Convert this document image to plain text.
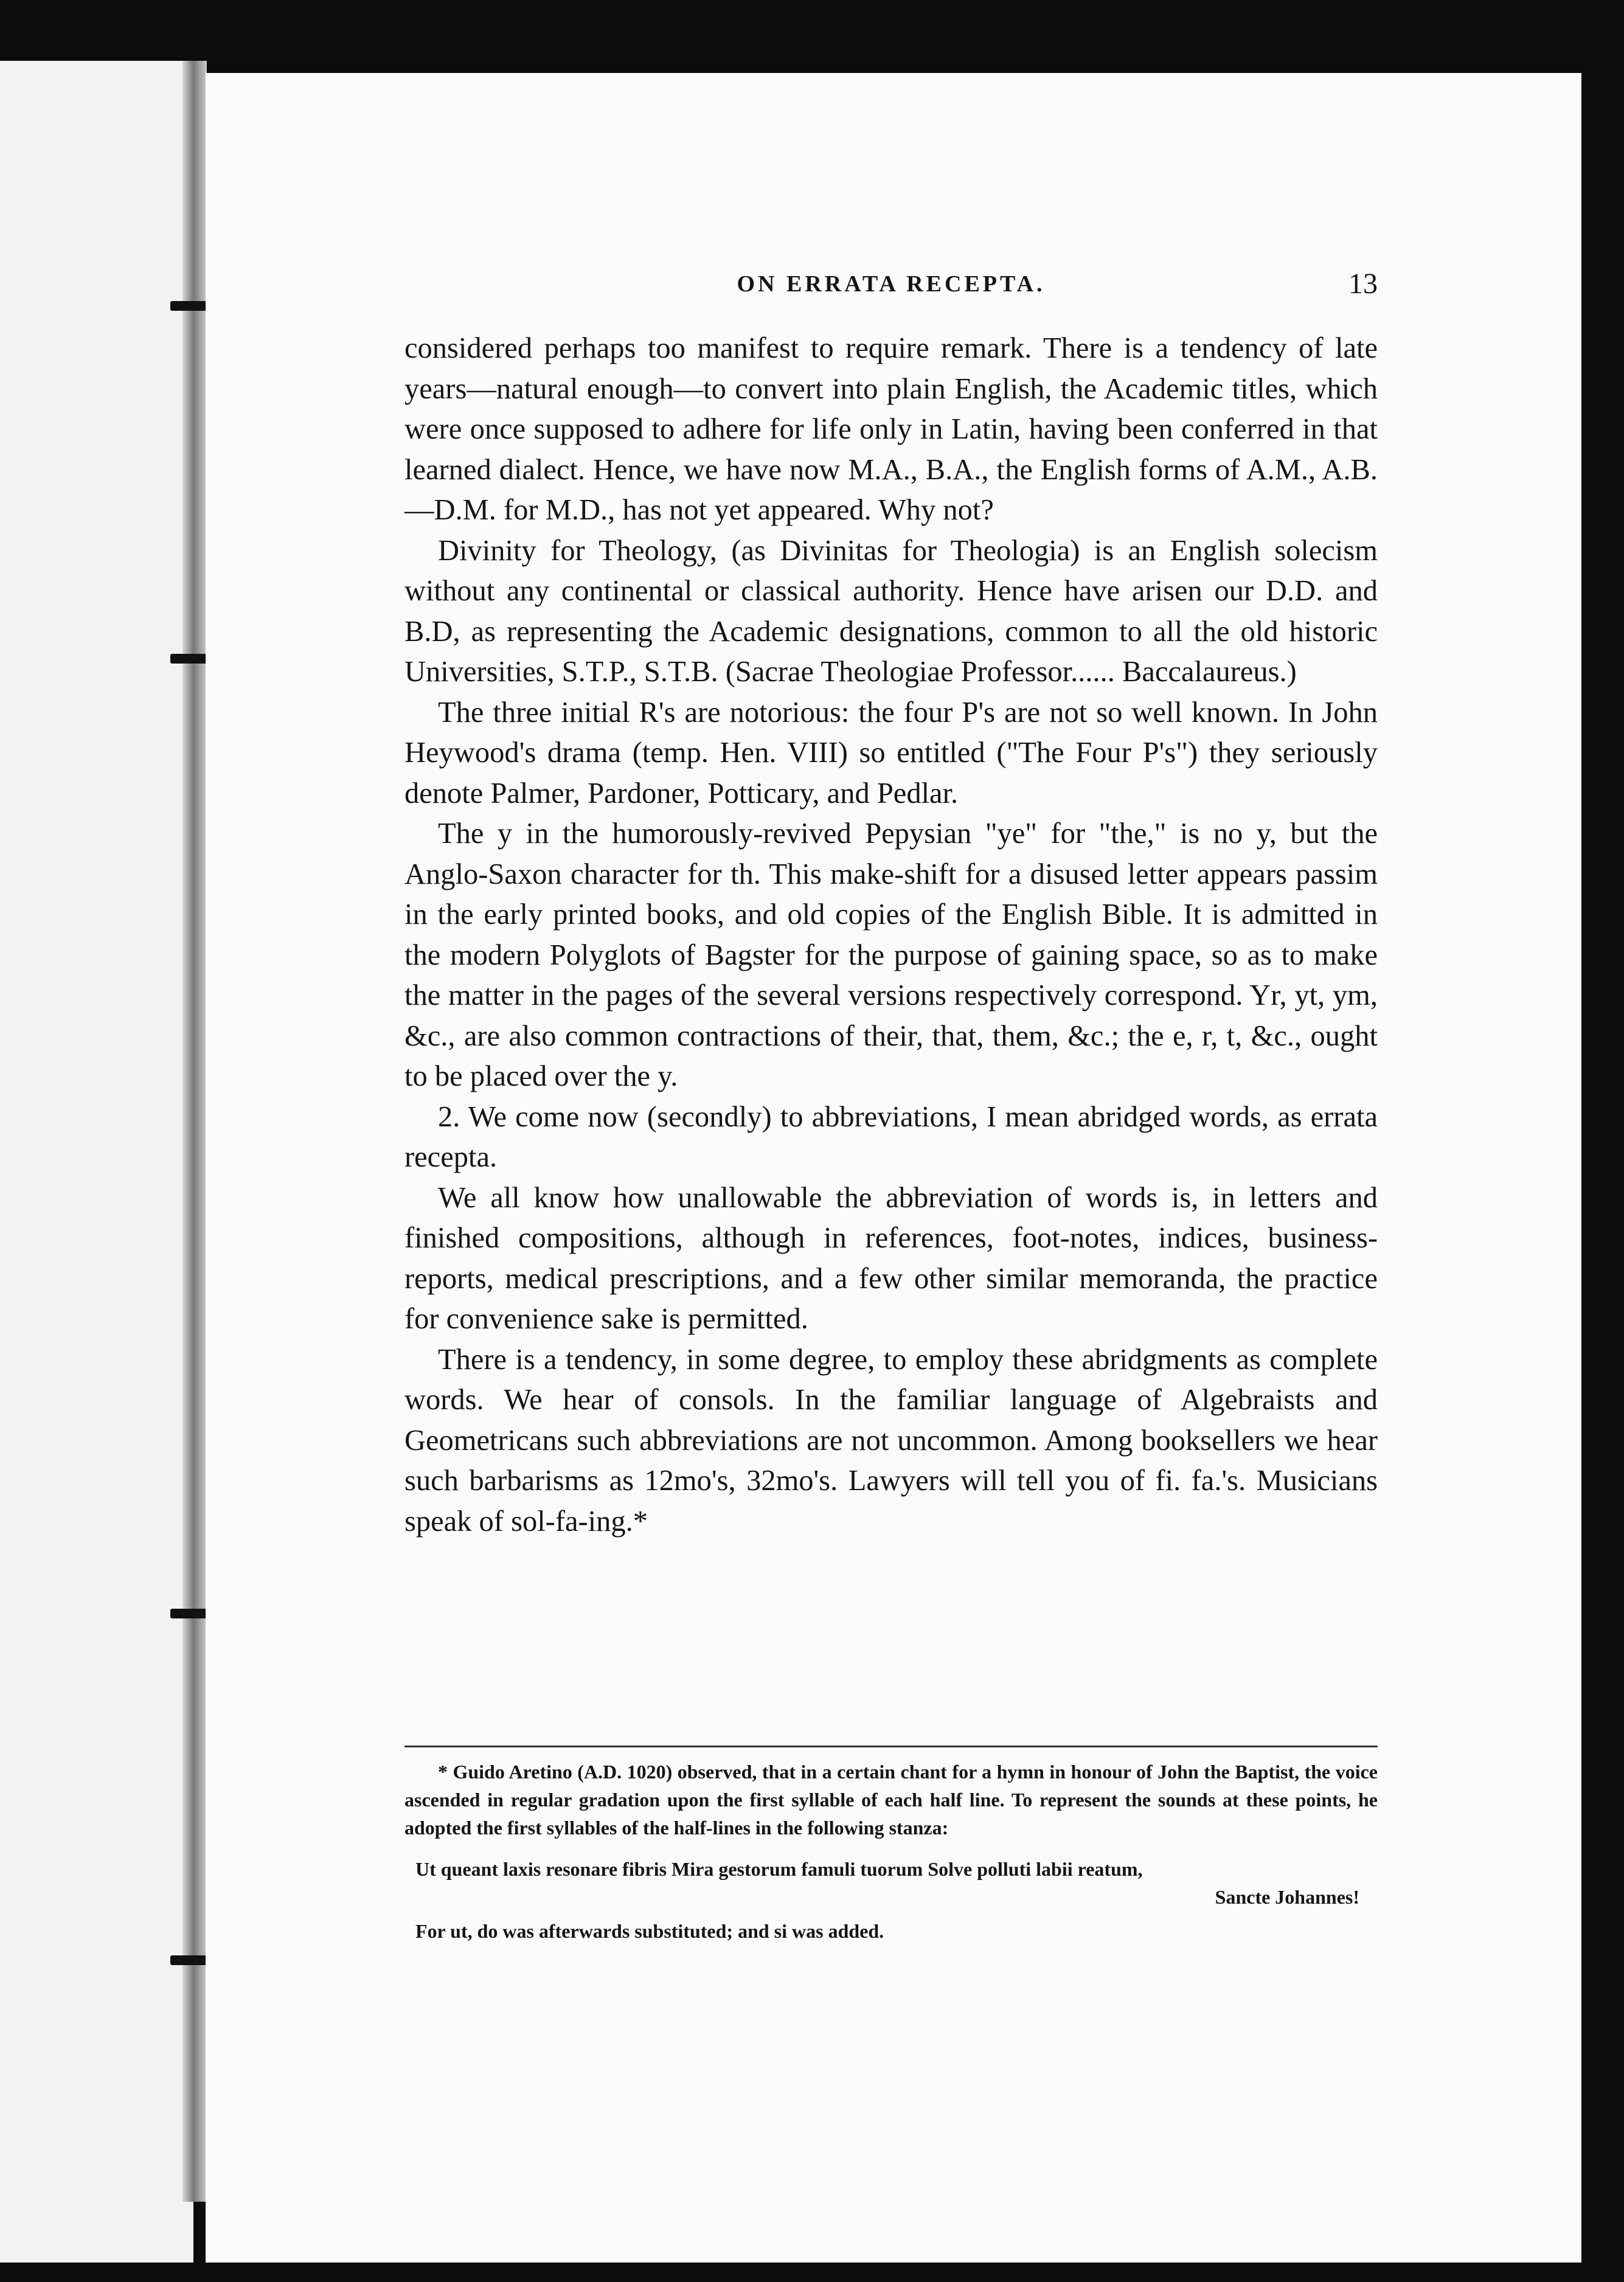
ON ERRATA RECEPTA.	13

considered perhaps too manifest to require remark. There is a tendency of late years—natural enough—to convert into plain English, the Academic titles, which were once supposed to adhere for life only in Latin, having been conferred in that learned dialect. Hence, we have now M.A., B.A., the English forms of A.M., A.B.—D.M. for M.D., has not yet appeared. Why not?

Divinity for Theology, (as Divinitas for Theologia) is an English solecism without any continental or classical authority. Hence have arisen our D.D. and B.D, as representing the Academic designations, common to all the old historic Universities, S.T.P., S.T.B. (Sacrae Theologiae Professor...... Baccalaureus.)

The three initial R's are notorious: the four P's are not so well known. In John Heywood's drama (temp. Hen. VIII) so entitled ("The Four P's") they seriously denote Palmer, Pardoner, Potticary, and Pedlar.

The y in the humorously-revived Pepysian "ye" for "the," is no y, but the Anglo-Saxon character for th. This make-shift for a disused letter appears passim in the early printed books, and old copies of the English Bible. It is admitted in the modern Polyglots of Bagster for the purpose of gaining space, so as to make the matter in the pages of the several versions respectively correspond. Yr, yt, ym, &c., are also common contractions of their, that, them, &c.; the e, r, t, &c., ought to be placed over the y.

2. We come now (secondly) to abbreviations, I mean abridged words, as errata recepta.

We all know how unallowable the abbreviation of words is, in letters and finished compositions, although in references, foot-notes, indices, business-reports, medical prescriptions, and a few other similar memoranda, the practice for convenience sake is permitted.

There is a tendency, in some degree, to employ these abridgments as complete words. We hear of consols. In the familiar language of Algebraists and Geometricans such abbreviations are not uncommon. Among booksellers we hear such barbarisms as 12mo's, 32mo's. Lawyers will tell you of fi. fa.'s. Musicians speak of sol-fa-ing.*

* Guido Aretino (A.D. 1020) observed, that in a certain chant for a hymn in honour of John the Baptist, the voice ascended in regular gradation upon the first syllable of each half line. To represent the sounds at these points, he adopted the first syllables of the half-lines in the following stanza:

Ut queant laxis resonare fibris Mira gestorum famuli tuorum Solve polluti labii reatum,

Sancte Johannes!

For ut, do was afterwards substituted; and si was added.
